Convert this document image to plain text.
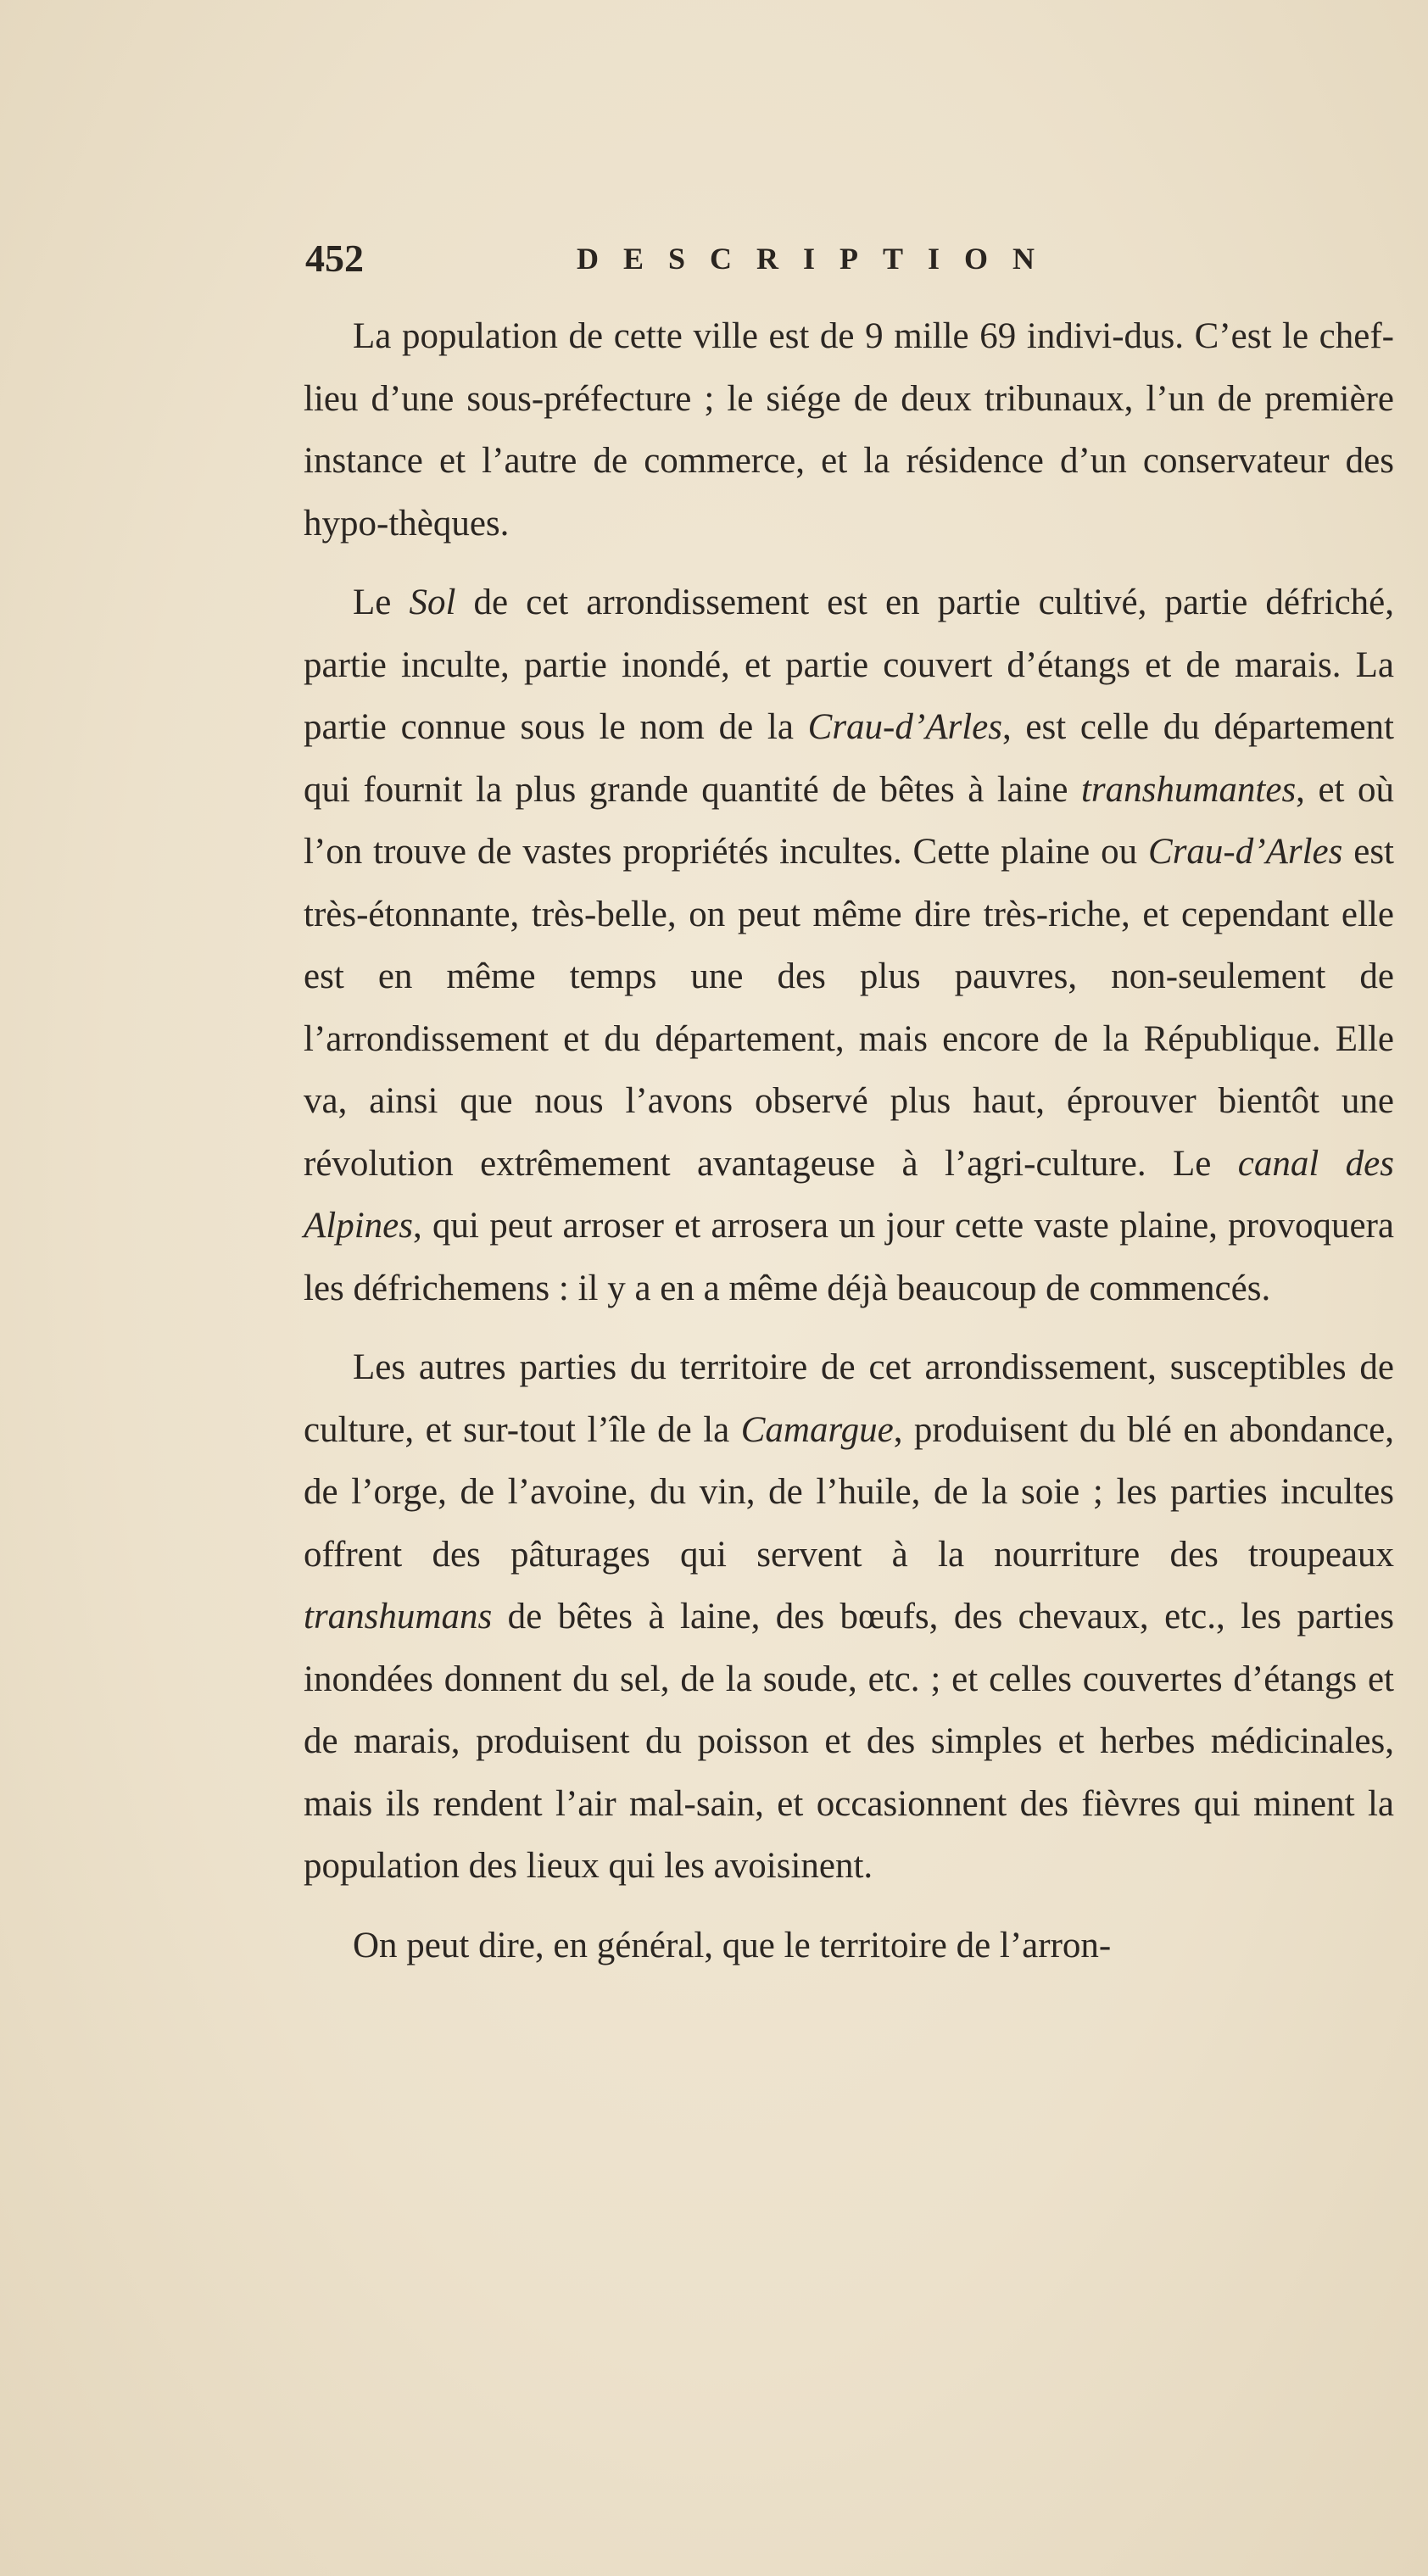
452	DESCRIPTION

La population de cette ville est de 9 mille 69 indivi-dus. C’est le chef-lieu d’une sous-préfecture ; le siége de deux tribunaux, l’un de première instance et l’autre de commerce, et la résidence d’un conservateur des hypo-thèques.

Le Sol de cet arrondissement est en partie cultivé, partie défriché, partie inculte, partie inondé, et partie couvert d’étangs et de marais. La partie connue sous le nom de la Crau-d’Arles, est celle du département qui fournit la plus grande quantité de bêtes à laine transhumantes, et où l’on trouve de vastes propriétés incultes. Cette plaine ou Crau-d’Arles est très-étonnante, très-belle, on peut même dire très-riche, et cependant elle est en même temps une des plus pauvres, non-seulement de l’arrondissement et du département, mais encore de la République. Elle va, ainsi que nous l’avons observé plus haut, éprouver bientôt une révolution extrêmement avantageuse à l’agri-culture. Le canal des Alpines, qui peut arroser et arrosera un jour cette vaste plaine, provoquera les défrichemens : il y a en a même déjà beaucoup de commencés.

Les autres parties du territoire de cet arrondissement, susceptibles de culture, et sur-tout l’île de la Camargue, produisent du blé en abondance, de l’orge, de l’avoine, du vin, de l’huile, de la soie ; les parties incultes offrent des pâturages qui servent à la nourriture des troupeaux transhumans de bêtes à laine, des bœufs, des chevaux, etc., les parties inondées donnent du sel, de la soude, etc. ; et celles couvertes d’étangs et de marais, produisent du poisson et des simples et herbes médicinales, mais ils rendent l’air mal-sain, et occasionnent des fièvres qui minent la population des lieux qui les avoisinent.

On peut dire, en général, que le territoire de l’arron-
